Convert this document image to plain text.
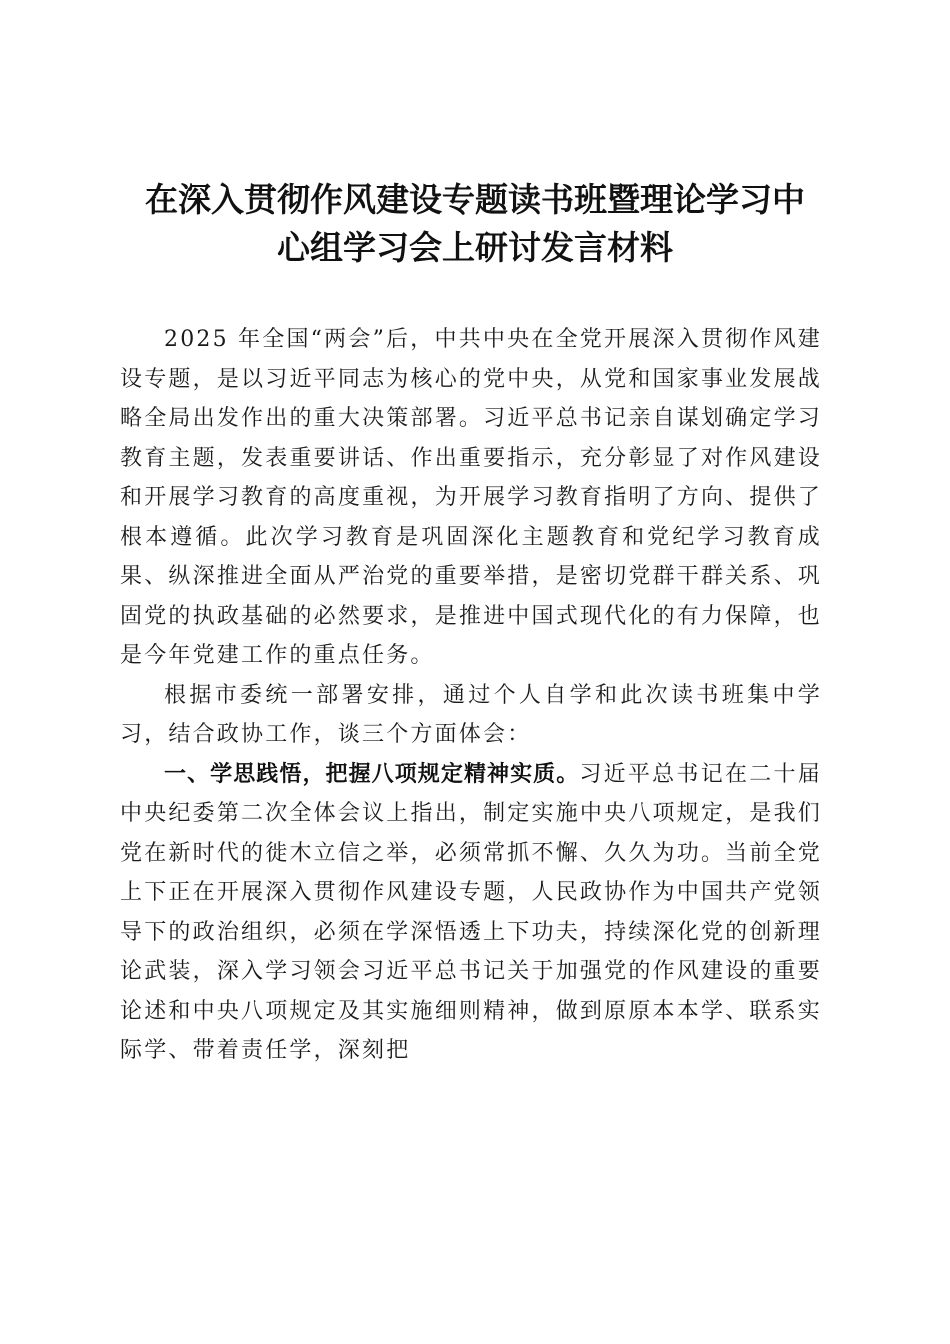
在深入贯彻作风建设专题读书班暨理论学习中
心组学习会上研讨发言材料

2025 年全国“两会”后，中共中央在全党开展深入贯彻作风建设专题，是以习近平同志为核心的党中央，从党和国家事业发展战略全局出发作出的重大决策部署。习近平总书记亲自谋划确定学习教育主题，发表重要讲话、作出重要指示，充分彰显了对作风建设和开展学习教育的高度重视，为开展学习教育指明了方向、提供了根本遵循。此次学习教育是巩固深化主题教育和党纪学习教育成果、纵深推进全面从严治党的重要举措，是密切党群干群关系、巩固党的执政基础的必然要求，是推进中国式现代化的有力保障，也是今年党建工作的重点任务。

根据市委统一部署安排，通过个人自学和此次读书班集中学习，结合政协工作，谈三个方面体会：

一、学思践悟，把握八项规定精神实质。习近平总书记在二十届中央纪委第二次全体会议上指出，制定实施中央八项规定，是我们党在新时代的徙木立信之举，必须常抓不懈、久久为功。当前全党上下正在开展深入贯彻作风建设专题，人民政协作为中国共产党领导下的政治组织，必须在学深悟透上下功夫，持续深化党的创新理论武装，深入学习领会习近平总书记关于加强党的作风建设的重要论述和中央八项规定及其实施细则精神，做到原原本本学、联系实际学、带着责任学，深刻把
